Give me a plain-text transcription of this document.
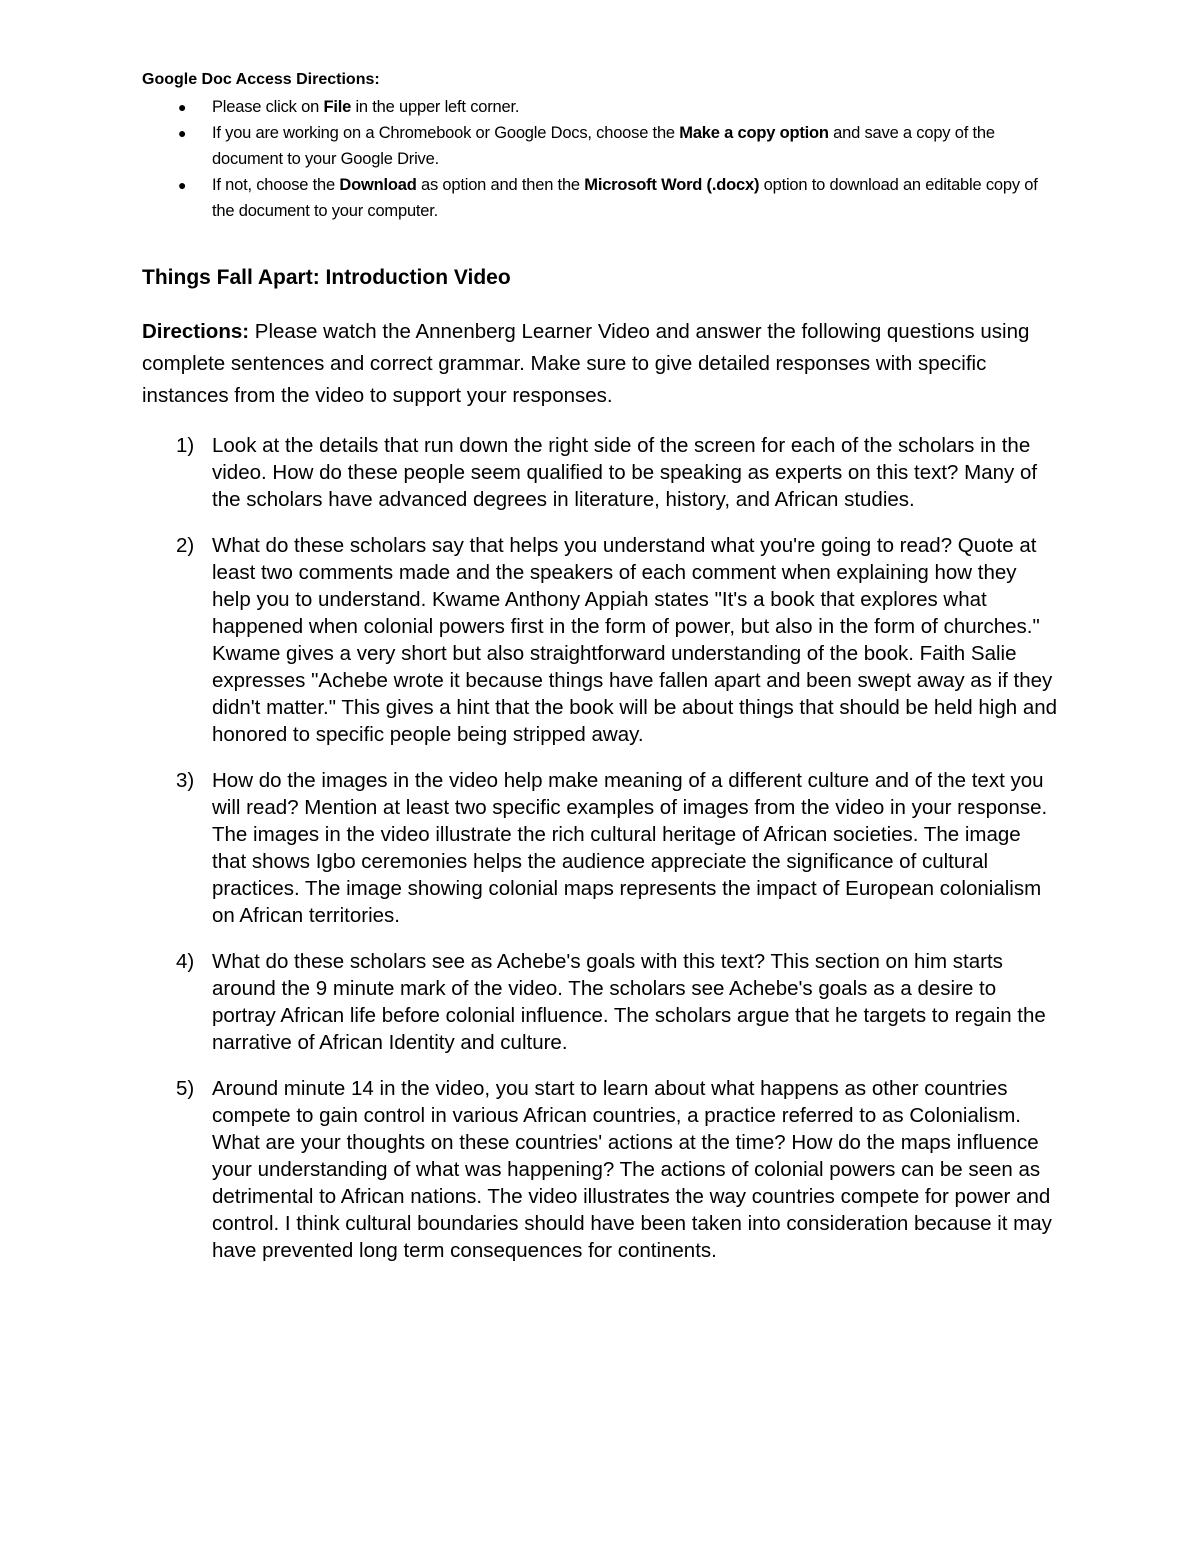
Google Doc Access Directions:

● Please click on File in the upper left corner.
● If you are working on a Chromebook or Google Docs, choose the Make a copy option and save a copy of the document to your Google Drive.
● If not, choose the Download as option and then the Microsoft Word (.docx) option to download an editable copy of the document to your computer.
Things Fall Apart: Introduction Video

Directions: Please watch the Annenberg Learner Video and answer the following questions using complete sentences and correct grammar. Make sure to give detailed responses with specific instances from the video to support your responses.

1) Look at the details that run down the right side of the screen for each of the scholars in the video. How do these people seem qualified to be speaking as experts on this text? Many of the scholars have advanced degrees in literature, history, and African studies.
2) What do these scholars say that helps you understand what you're going to read? Quote at least two comments made and the speakers of each comment when explaining how they help you to understand. Kwame Anthony Appiah states "It's a book that explores what happened when colonial powers first in the form of power, but also in the form of churches." Kwame gives a very short but also straightforward understanding of the book. Faith Salie expresses "Achebe wrote it because things have fallen apart and been swept away as if they didn't matter." This gives a hint that the book will be about things that should be held high and honored to specific people being stripped away.
3) How do the images in the video help make meaning of a different culture and of the text you will read? Mention at least two specific examples of images from the video in your response. The images in the video illustrate the rich cultural heritage of African societies. The image that shows Igbo ceremonies helps the audience appreciate the significance of cultural practices. The image showing colonial maps represents the impact of European colonialism on African territories.
4) What do these scholars see as Achebe's goals with this text? This section on him starts around the 9 minute mark of the video. The scholars see Achebe's goals as a desire to portray African life before colonial influence. The scholars argue that he targets to regain the narrative of African Identity and culture.
5) Around minute 14 in the video, you start to learn about what happens as other countries compete to gain control in various African countries, a practice referred to as Colonialism. What are your thoughts on these countries' actions at the time? How do the maps influence your understanding of what was happening? The actions of colonial powers can be seen as detrimental to African nations. The video illustrates the way countries compete for power and control. I think cultural boundaries should have been taken into consideration because it may have prevented long term consequences for continents.
